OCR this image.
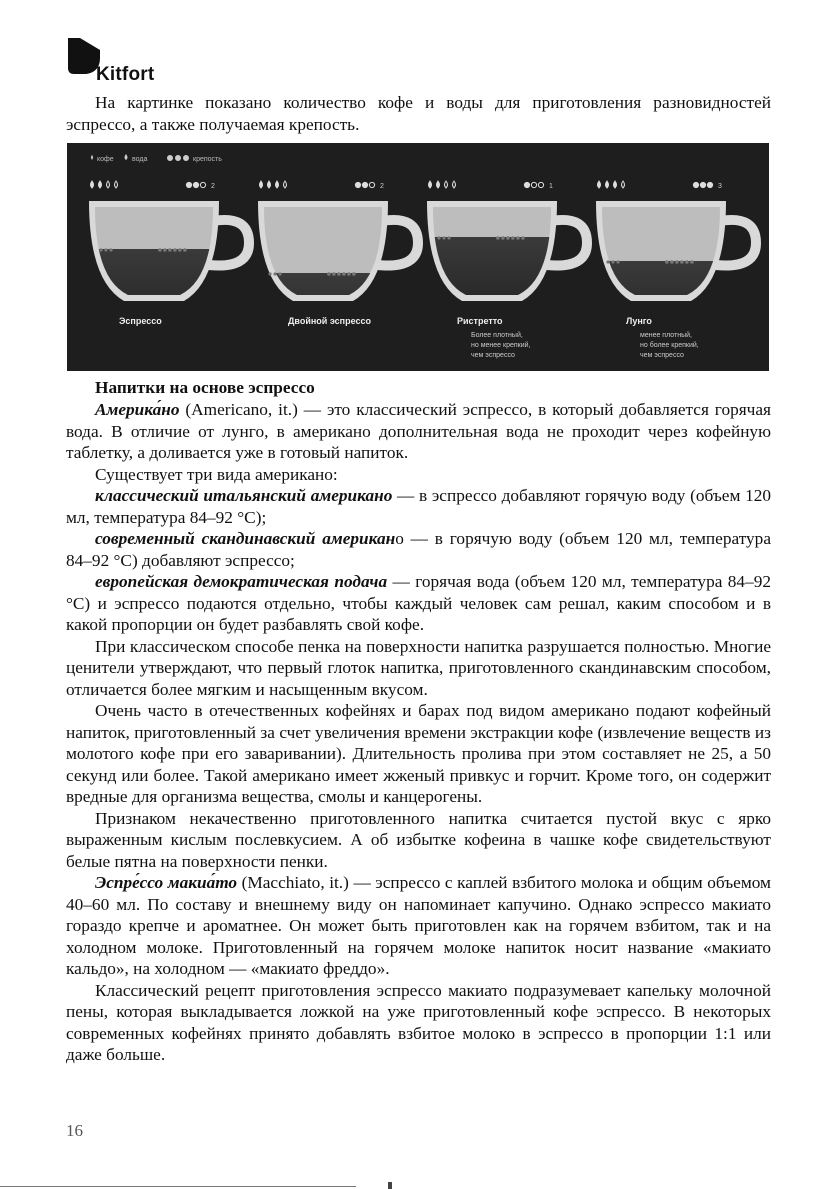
Kitfort

На картинке показано количество кофе и воды для приготовления разновидностей эспрессо, а также получаемая крепость.

кофе	вода	крепость
2
Эспрессо
2
Двойной эспрессо
1
Ристретто
Более плотный,
но менее крепкий,
чем эспрессо
3
Лунго
менее плотный,
но более крепкий,
чем эспрессо

Напитки на основе эспрессо

Америка́но (Americano, it.) — это классический эспрессо, в который добавляется горячая вода. В отличие от лунго, в американо дополнительная вода не проходит через кофейную таблетку, а доливается уже в готовый напиток.

Существует три вида американо:

классический итальянский американо — в эспрессо добавляют горячую воду (объем 120 мл, температура 84–92 °С);

современный скандинавский американо — в горячую воду (объем 120 мл, температура 84–92 °С) добавляют эспрессо;

европейская демократическая подача — горячая вода (объем 120 мл, температура 84–92 °С) и эспрессо подаются отдельно, чтобы каждый человек сам решал, каким способом и в какой пропорции он будет разбавлять свой кофе.

При классическом способе пенка на поверхности напитка разрушается полностью. Многие ценители утверждают, что первый глоток напитка, приготовленного скандинавским способом, отличается более мягким и насыщенным вкусом.

Очень часто в отечественных кофейнях и барах под видом американо подают кофейный напиток, приготовленный за счет увеличения времени экстракции кофе (извлечение веществ из молотого кофе при его заваривании). Длительность пролива при этом составляет не 25, а 50 секунд или более. Такой американо имеет жженый привкус и горчит. Кроме того, он содержит вредные для организма вещества, смолы и канцерогены.

Признаком некачественно приготовленного напитка считается пустой вкус с ярко выраженным кислым послевкусием. А об избытке кофеина в чашке кофе свидетельствуют белые пятна на поверхности пенки.

Эспре́ссо макиа́то (Macchiato, it.) — эспрессо с каплей взбитого молока и общим объемом 40–60 мл. По составу и внешнему виду он напоминает капучино. Однако эспрессо макиато гораздо крепче и ароматнее. Он может быть приготовлен как на горячем взбитом, так и на холодном молоке. Приготовленный на горячем молоке напиток носит название «макиато кальдо», на холодном — «макиато фреддо».

Классический рецепт приготовления эспрессо макиато подразумевает капельку молочной пены, которая выкладывается ложкой на уже приготовленный кофе эспрессо. В некоторых современных кофейнях принято добавлять взбитое молоко в эспрессо в пропорции 1:1 или даже больше.

16
